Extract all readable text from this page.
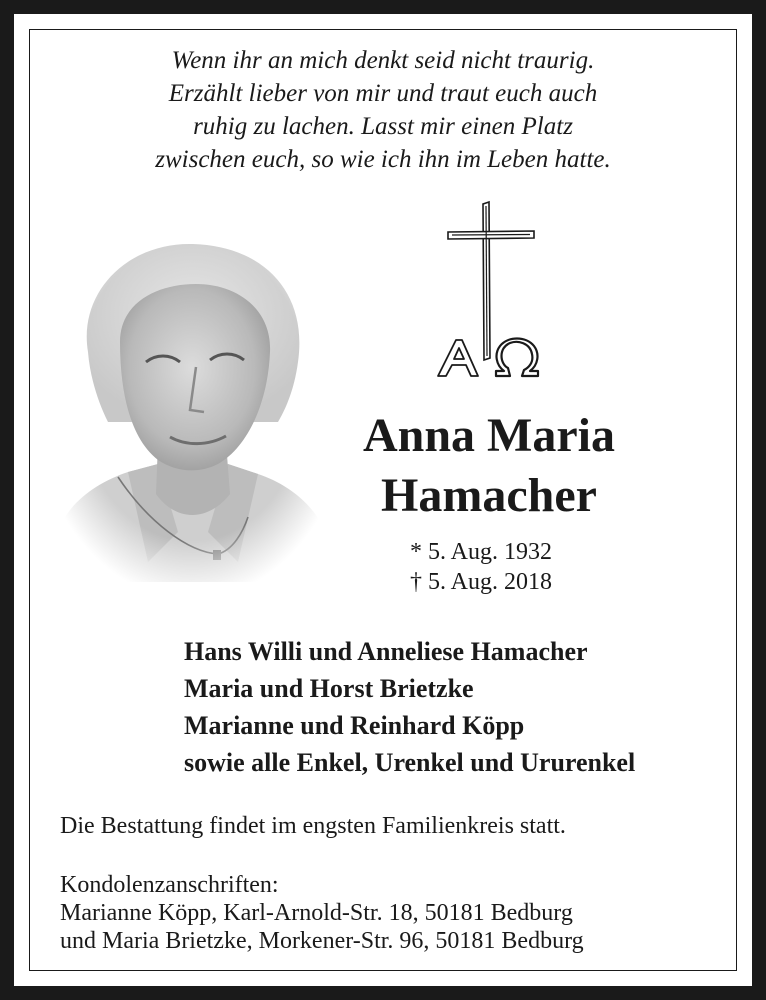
Wenn ihr an mich denkt seid nicht traurig.
Erzählt lieber von mir und traut euch auch
ruhig zu lachen. Lasst mir einen Platz
zwischen euch, so wie ich ihn im Leben hatte.
Anna Maria
Hamacher
* 5. Aug. 1932
† 5. Aug. 2018
Hans Willi und Anneliese Hamacher
Maria und Horst Brietzke
Marianne und Reinhard Köpp
sowie alle Enkel, Urenkel und Ururenkel
Die Bestattung findet im engsten Familienkreis statt.
Kondolenzanschriften:
Marianne Köpp, Karl-Arnold-Str. 18, 50181 Bedburg
und Maria Brietzke, Morkener-Str. 96, 50181 Bedburg
